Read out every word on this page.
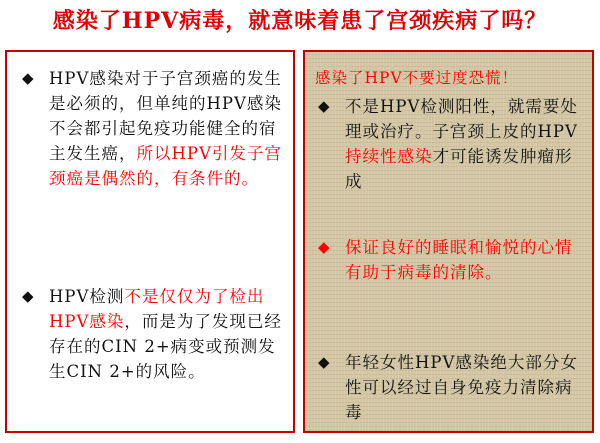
感染了HPV病毒，就意味着患了宫颈疾病了吗？
◆ HPV感染对于子宫颈癌的发生是必须的，但单纯的HPV感染不会都引起免疫功能健全的宿主发生癌，所以HPV引发子宫颈癌是偶然的，有条件的。
◆ HPV检测不是仅仅为了检出HPV感染，而是为了发现已经存在的CIN 2+病变或预测发生CIN 2+的风险。
感染了HPV不要过度恐慌！
◆ 不是HPV检测阳性，就需要处理或治疗。子宫颈上皮的HPV持续性感染才可能诱发肿瘤形成
◆ 保证良好的睡眠和愉悦的心情有助于病毒的清除。
◆ 年轻女性HPV感染绝大部分女性可以经过自身免疫力清除病毒
